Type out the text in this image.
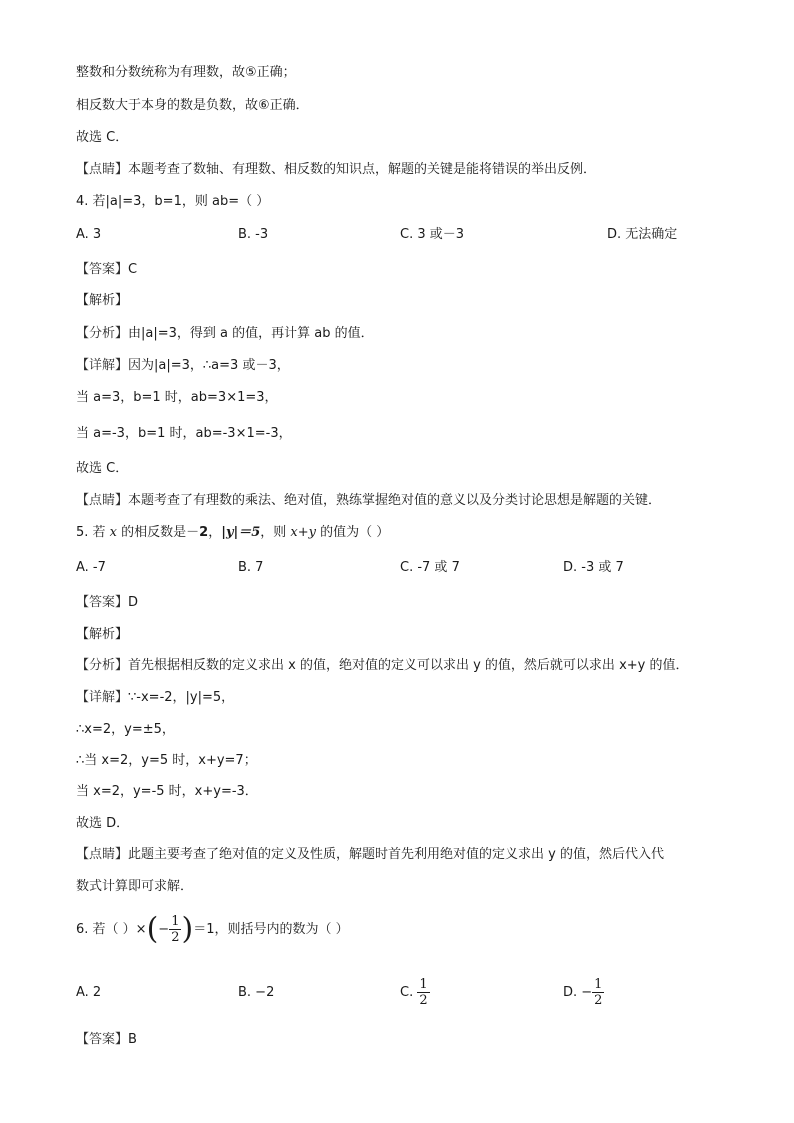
整数和分数统称为有理数，故⑤正确；
相反数大于本身的数是负数，故⑥正确．
故选 C．
【点睛】本题考查了数轴、有理数、相反数的知识点，解题的关键是能将错误的举出反例．
4. 若|a|=3，b=1，则 ab=（ ）
A. 3	B. -3	C. 3 或－3	D. 无法确定
【答案】C
【解析】
【分析】由|a|=3，得到 a 的值，再计算 ab 的值．
【详解】因为|a|=3，∴a=3 或－3，
当 a=3，b=1 时，ab=3×1=3，
当 a=-3，b=1 时，ab=-3×1=-3，
故选 C．
【点睛】本题考查了有理数的乘法、绝对值，熟练掌握绝对值的意义以及分类讨论思想是解题的关键．
5. 若 x 的相反数是－2，|y|＝5，则 x+y 的值为（ ）
A. -7	B. 7	C. -7 或 7	D. -3 或 7
【答案】D
【解析】
【分析】首先根据相反数的定义求出 x 的值，绝对值的定义可以求出 y 的值，然后就可以求出 x+y 的值．
【详解】∵-x=-2，|y|=5，
∴x=2，y=±5，
∴当 x=2，y=5 时，x+y=7；
当 x=2，y=-5 时，x+y=-3．
故选 D．
【点睛】此题主要考查了绝对值的定义及性质，解题时首先利用绝对值的定义求出 y 的值，然后代入代
数式计算即可求解．
6. 若（ ）×(− $\frac{1}{2} )=1$，则括号内的数为（ ）
A. 2	B. −2	C. $\frac{1}{2}$	D. − $\frac{1}{2}$
【答案】B
